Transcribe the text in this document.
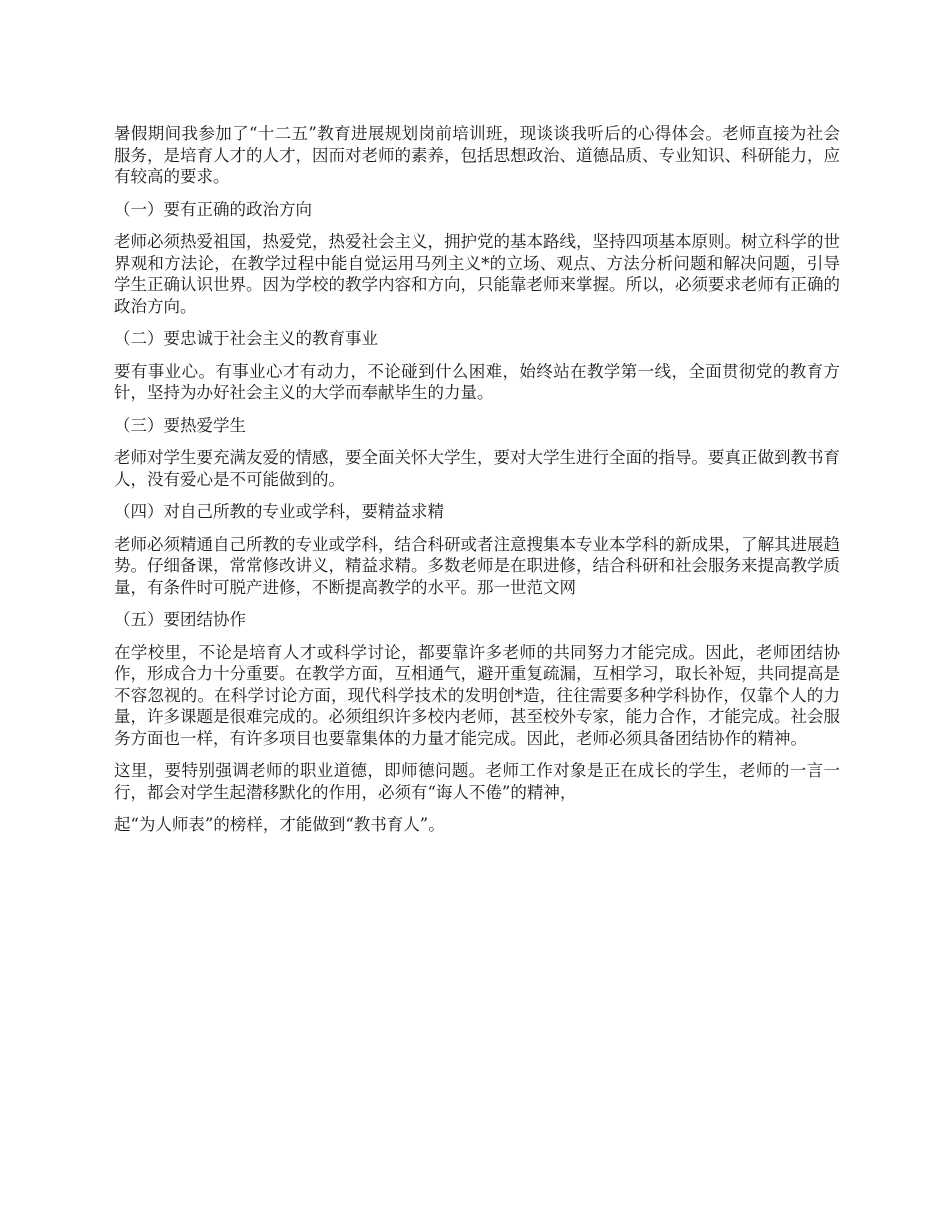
暑假期间我参加了“十二五”教育进展规划岗前培训班，现谈谈我听后的心得体会。老师直接为社会服务，是培育人才的人才，因而对老师的素养，包括思想政治、道德品质、专业知识、科研能力，应有较高的要求。

（一）要有正确的政治方向

老师必须热爱祖国，热爱党，热爱社会主义，拥护党的基本路线，坚持四项基本原则。树立科学的世界观和方法论，在教学过程中能自觉运用马列主义*的立场、观点、方法分析问题和解决问题，引导学生正确认识世界。因为学校的教学内容和方向，只能靠老师来掌握。所以，必须要求老师有正确的政治方向。

（二）要忠诚于社会主义的教育事业

要有事业心。有事业心才有动力，不论碰到什么困难，始终站在教学第一线，全面贯彻党的教育方针，坚持为办好社会主义的大学而奉献毕生的力量。

（三）要热爱学生

老师对学生要充满友爱的情感，要全面关怀大学生，要对大学生进行全面的指导。要真正做到教书育人，没有爱心是不可能做到的。

（四）对自己所教的专业或学科，要精益求精

老师必须精通自己所教的专业或学科，结合科研或者注意搜集本专业本学科的新成果，了解其进展趋势。仔细备课，常常修改讲义，精益求精。多数老师是在职进修，结合科研和社会服务来提高教学质量，有条件时可脱产进修，不断提高教学的水平。那一世范文网

（五）要团结协作

在学校里，不论是培育人才或科学讨论，都要靠许多老师的共同努力才能完成。因此，老师团结协作，形成合力十分重要。在教学方面，互相通气，避开重复疏漏，互相学习，取长补短，共同提高是不容忽视的。在科学讨论方面，现代科学技术的发明创*造，往往需要多种学科协作，仅靠个人的力量，许多课题是很难完成的。必须组织许多校内老师，甚至校外专家，能力合作，才能完成。社会服务方面也一样，有许多项目也要靠集体的力量才能完成。因此，老师必须具备团结协作的精神。

这里，要特别强调老师的职业道德，即师德问题。老师工作对象是正在成长的学生，老师的一言一行，都会对学生起潜移默化的作用，必须有“诲人不倦”的精神，

起“为人师表”的榜样，才能做到“教书育人”。
